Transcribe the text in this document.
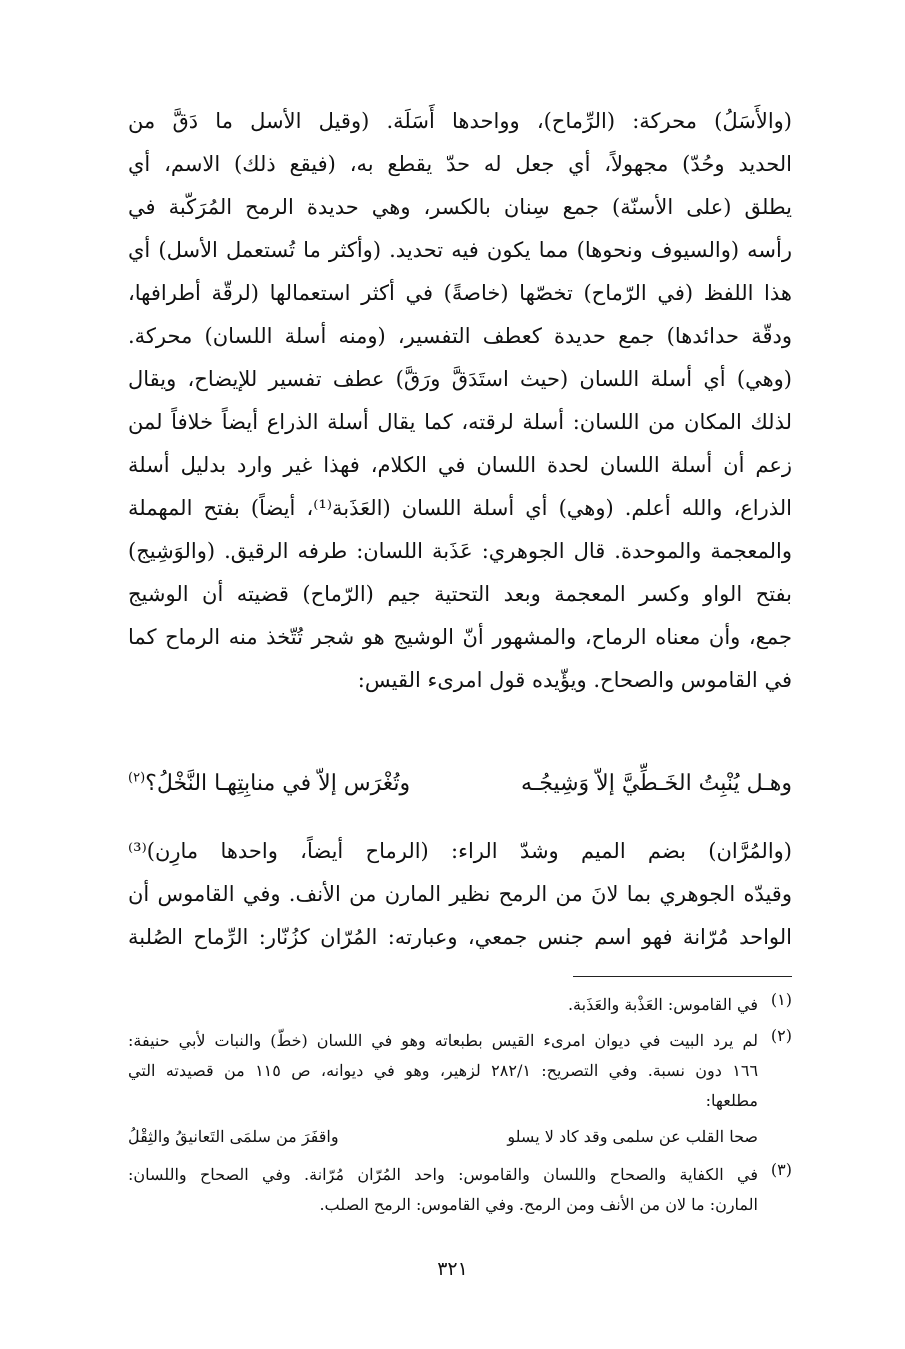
(والأَسَلُ) محركة: (الرِّماح)، وواحدها أَسَلَة. (وقيل الأسل ما دَقَّ من
الحديد وحُدّ) مجهولاً، أي جعل له حدّ يقطع به، (فيقع ذلك) الاسم، أي
يطلق (على الأسنّة) جمع سِنان بالكسر، وهي حديدة الرمح المُرَكّبة في
رأسه (والسيوف ونحوها) مما يكون فيه تحديد. (وأكثر ما تُستعمل الأسل) أي
هذا اللفظ (في الرّماح) تخصّها (خاصةً) في أكثر استعمالها (لرقّة أطرافها،
ودقّة حدائدها) جمع حديدة كعطف التفسير، (ومنه أسلة اللسان) محركة.
(وهي) أي أسلة اللسان (حيث استَدَقَّ ورَقَّ) عطف تفسير للإيضاح، ويقال
لذلك المكان من اللسان: أسلة لرقته، كما يقال أسلة الذراع أيضاً خلافاً لمن
زعم أن أسلة اللسان لحدة اللسان في الكلام، فهذا غير وارد بدليل أسلة
الذراع، والله أعلم. (وهي) أي أسلة اللسان (العَذَبة⁽¹⁾، أيضاً) بفتح المهملة
والمعجمة والموحدة. قال الجوهري: عَذَبة اللسان: طرفه الرقيق. (والوَشِيج)
بفتح الواو وكسر المعجمة وبعد التحتية جيم (الرّماح) قضيته أن الوشيج
جمع، وأن معناه الرماح، والمشهور أنّ الوشيج هو شجر تُتّخذ منه الرماح كما
في القاموس والصحاح. ويؤّيده قول امرىء القيس:
وهـل يُنْبِتُ الخَـطِّيَّ إلاّ وَشِيجُـه
وتُغْرَس إلاّ في منابِتِهـا النَّخْلُ؟$^{(٢)}$
(والمُرَّان) بضم الميم وشدّ الراء: (الرماح أيضاً، واحدها مارِن)⁽³⁾
وقيدّه الجوهري بما لانَ من الرمح نظير المارن من الأنف. وفي القاموس أن
الواحد مُرّانة فهو اسم جنس جمعي، وعبارته: المُرّان كزُنّار: الرِّماح الصُلبة
(١)
في القاموس: العَذْبة والعَذَبة.
(٢)
لم يرد البيت في ديوان امرىء القيس بطبعاته وهو في اللسان (خطّ) والنبات لأبي حنيفة:
١٦٦ دون نسبة. وفي التصريح: ٢٨٢/١ لزهير، وهو في ديوانه، ص ١١٥ من قصيدته التي
مطلعها:
صحا القلب عن سلمى وقد كاد لا يسلو
واقفَرَ من سلمَى التَعانيقُ والثِقْلُ
(٣)
في الكفاية والصحاح واللسان والقاموس: واحد المُرّان مُرّانة. وفي الصحاح واللسان:
المارن: ما لان من الأنف ومن الرمح. وفي القاموس: الرمح الصلب.
٣٢١
